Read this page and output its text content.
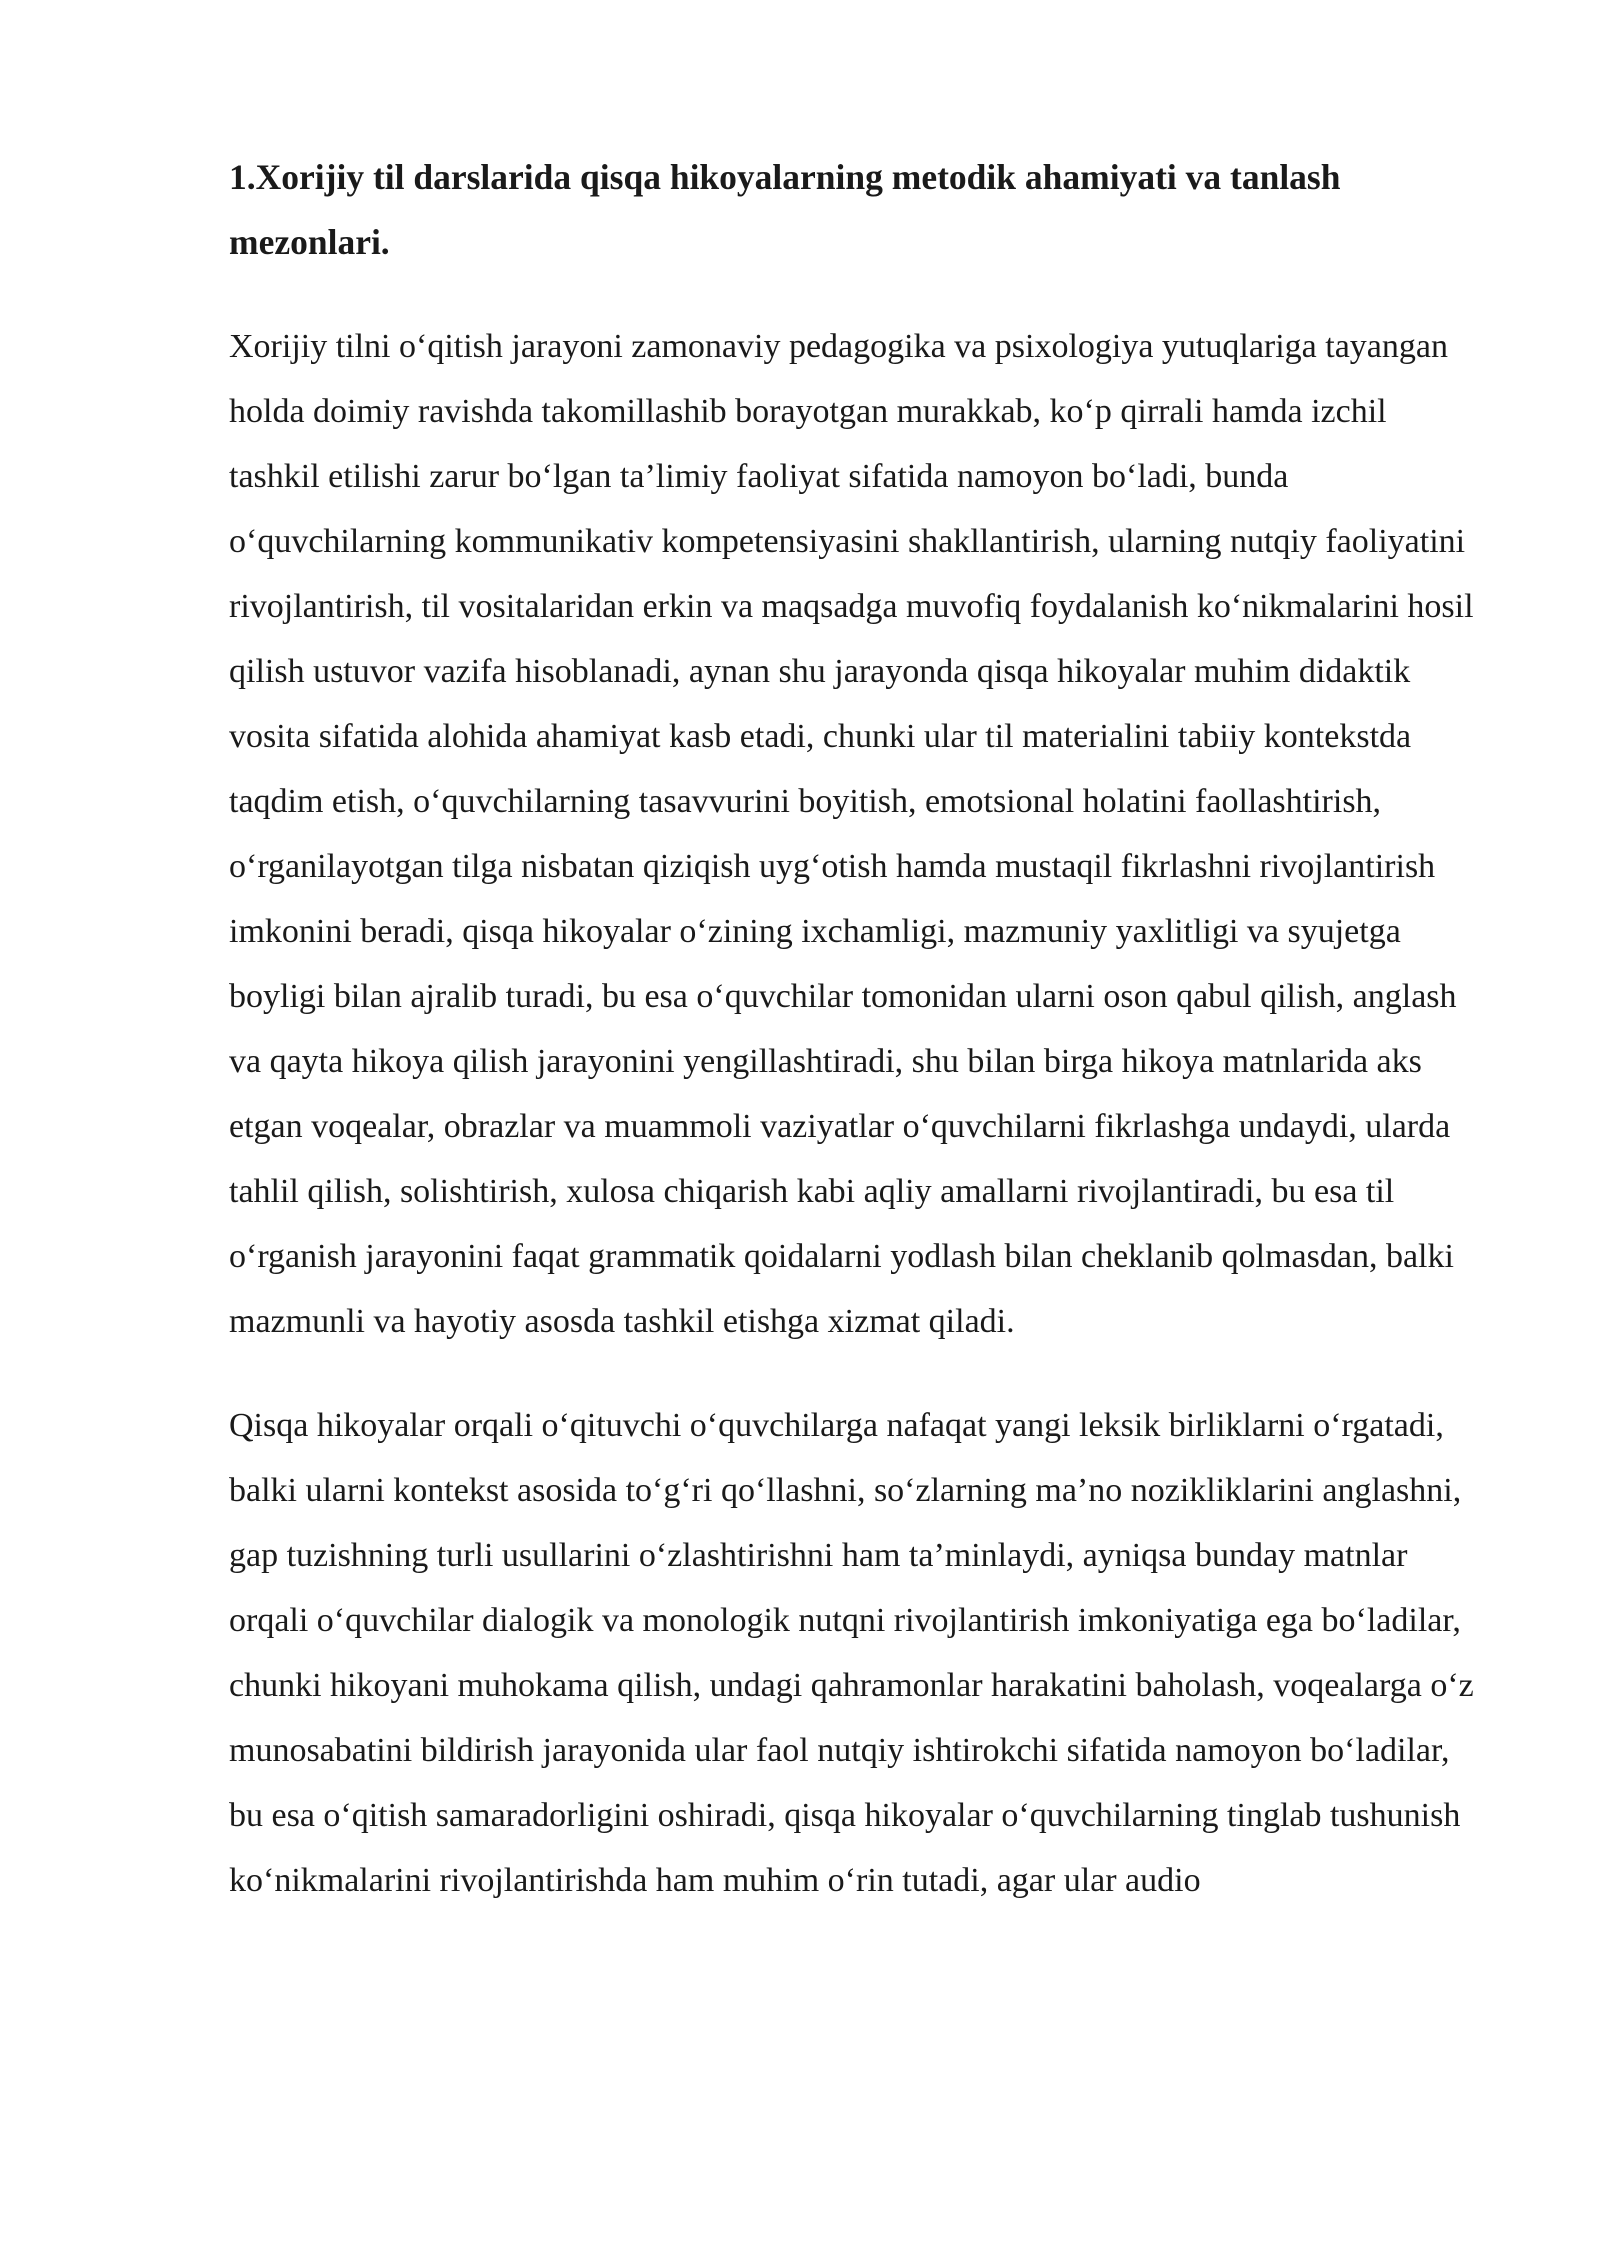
1.Xorijiy til darslarida qisqa hikoyalarning metodik ahamiyati va tanlash mezonlari.

Xorijiy tilni o‘qitish jarayoni zamonaviy pedagogika va psixologiya yutuqlariga tayangan holda doimiy ravishda takomillashib borayotgan murakkab, ko‘p qirrali hamda izchil tashkil etilishi zarur bo‘lgan ta’limiy faoliyat sifatida namoyon bo‘ladi, bunda o‘quvchilarning kommunikativ kompetensiyasini shakllantirish, ularning nutqiy faoliyatini rivojlantirish, til vositalaridan erkin va maqsadga muvofiq foydalanish ko‘nikmalarini hosil qilish ustuvor vazifa hisoblanadi, aynan shu jarayonda qisqa hikoyalar muhim didaktik vosita sifatida alohida ahamiyat kasb etadi, chunki ular til materialini tabiiy kontekstda taqdim etish, o‘quvchilarning tasavvurini boyitish, emotsional holatini faollashtirish, o‘rganilayotgan tilga nisbatan qiziqish uyg‘otish hamda mustaqil fikrlashni rivojlantirish imkonini beradi, qisqa hikoyalar o‘zining ixchamligi, mazmuniy yaxlitligi va syujetga boyligi bilan ajralib turadi, bu esa o‘quvchilar tomonidan ularni oson qabul qilish, anglash va qayta hikoya qilish jarayonini yengillashtiradi, shu bilan birga hikoya matnlarida aks etgan voqealar, obrazlar va muammoli vaziyatlar o‘quvchilarni fikrlashga undaydi, ularda tahlil qilish, solishtirish, xulosa chiqarish kabi aqliy amallarni rivojlantiradi, bu esa til o‘rganish jarayonini faqat grammatik qoidalarni yodlash bilan cheklanib qolmasdan, balki mazmunli va hayotiy asosda tashkil etishga xizmat qiladi.

Qisqa hikoyalar orqali o‘qituvchi o‘quvchilarga nafaqat yangi leksik birliklarni o‘rgatadi, balki ularni kontekst asosida to‘g‘ri qo‘llashni, so‘zlarning ma’no nozikliklarini anglashni, gap tuzishning turli usullarini o‘zlashtirishni ham ta’minlaydi, ayniqsa bunday matnlar orqali o‘quvchilar dialogik va monologik nutqni rivojlantirish imkoniyatiga ega bo‘ladilar, chunki hikoyani muhokama qilish, undagi qahramonlar harakatini baholash, voqealarga o‘z munosabatini bildirish jarayonida ular faol nutqiy ishtirokchi sifatida namoyon bo‘ladilar, bu esa o‘qitish samaradorligini oshiradi, qisqa hikoyalar o‘quvchilarning tinglab tushunish ko‘nikmalarini rivojlantirishda ham muhim o‘rin tutadi, agar ular audio
